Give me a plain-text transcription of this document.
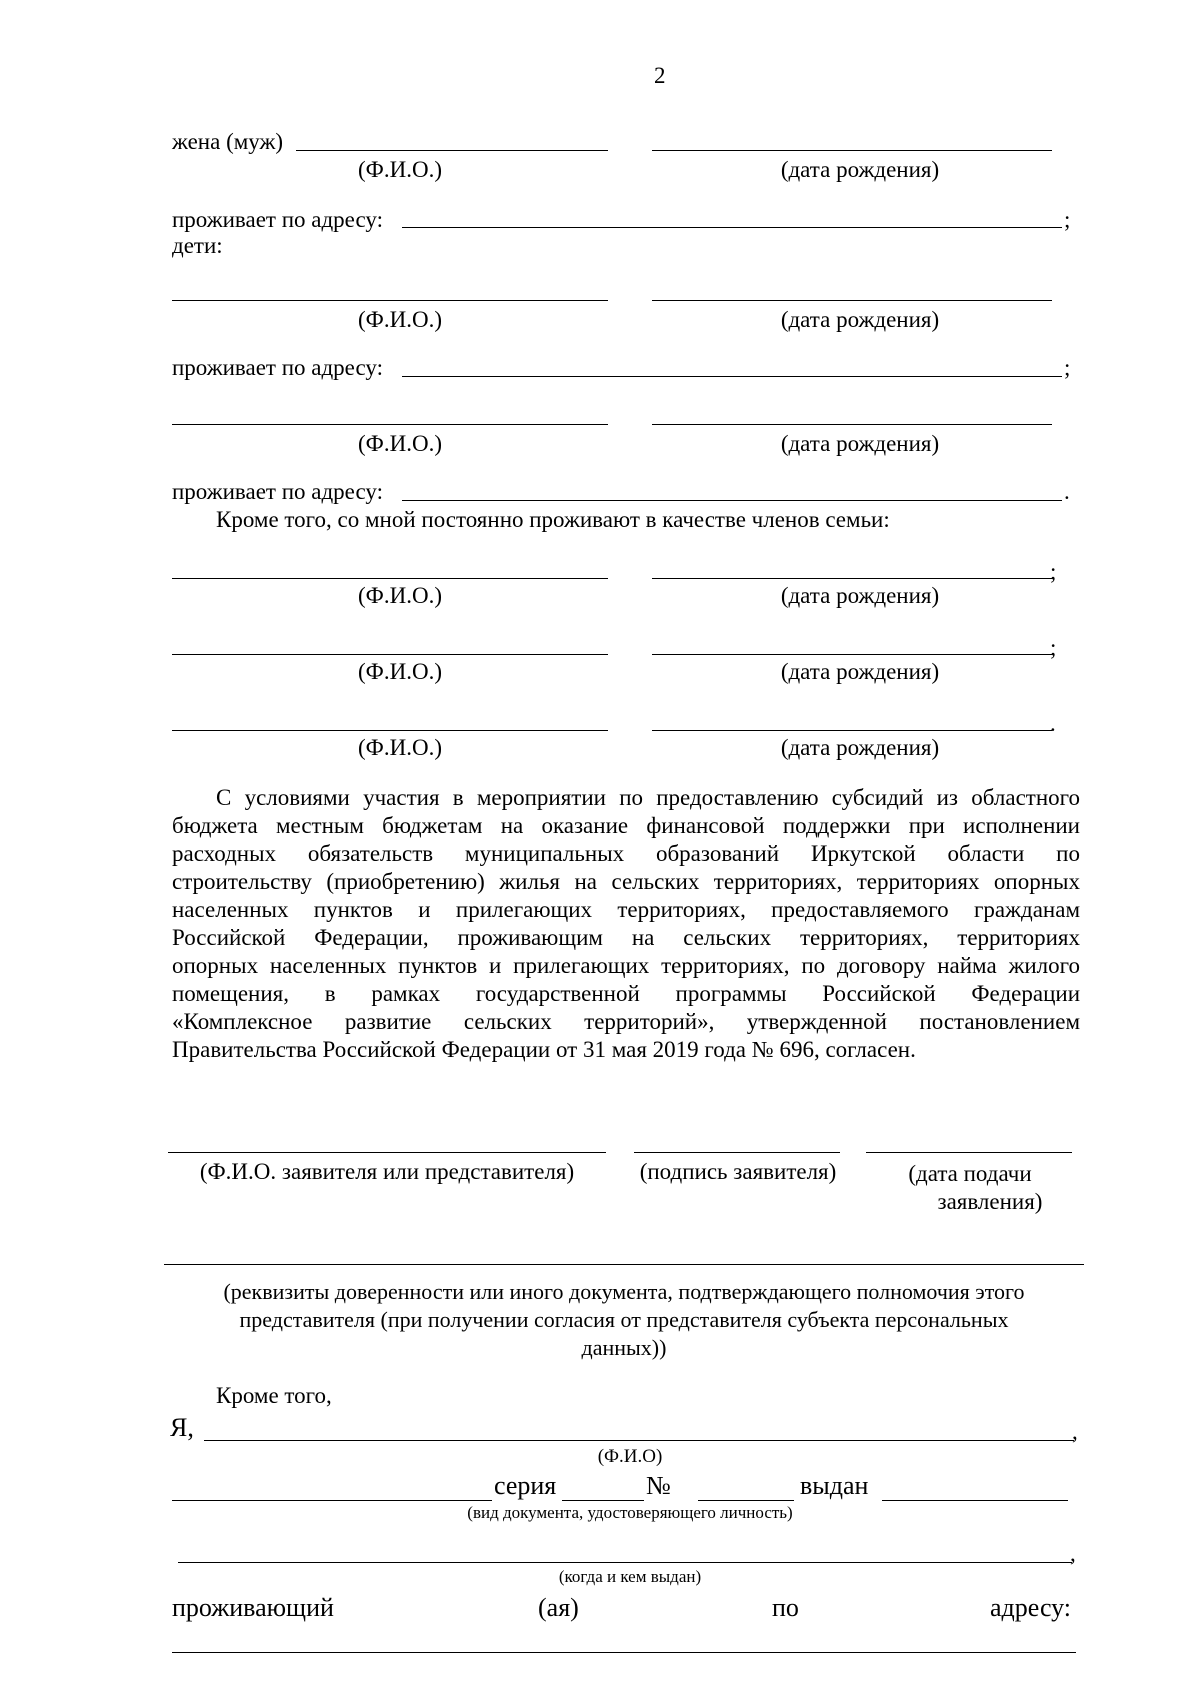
2
жена (муж)
(Ф.И.О.)	(дата рождения)
проживает по адресу:	;
дети:
(Ф.И.О.)	(дата рождения)
проживает по адресу:	;
(Ф.И.О.)	(дата рождения)
проживает по адресу:	.
Кроме того, со мной постоянно проживают в качестве членов семьи:
;
(Ф.И.О.)	(дата рождения)
;
(Ф.И.О.)	(дата рождения)
.
(Ф.И.О.)	(дата рождения)
С условиями участия в мероприятии по предоставлению субсидий из областного
бюджета местным бюджетам на оказание финансовой поддержки при исполнении
расходных обязательств муниципальных образований Иркутской области по
строительству (приобретению) жилья на сельских территориях, территориях опорных
населенных пунктов и прилегающих территориях, предоставляемого гражданам
Российской Федерации, проживающим на сельских территориях, территориях
опорных населенных пунктов и прилегающих территориях, по договору найма жилого
помещения, в рамках государственной программы Российской Федерации
«Комплексное развитие сельских территорий», утвержденной постановлением
Правительства Российской Федерации от 31 мая 2019 года № 696, согласен.
(Ф.И.О. заявителя или представителя)	(подпись заявителя)	(дата подачи
заявления)
(реквизиты доверенности или иного документа, подтверждающего полномочия этого
представителя (при получении согласия от представителя субъекта персональных
данных))
Кроме того,
Я,	,
(Ф.И.О)
серия	№	выдан
(вид документа, удостоверяющего личность)
,
(когда и кем выдан)
проживающий	(ая)	по	адресу:
